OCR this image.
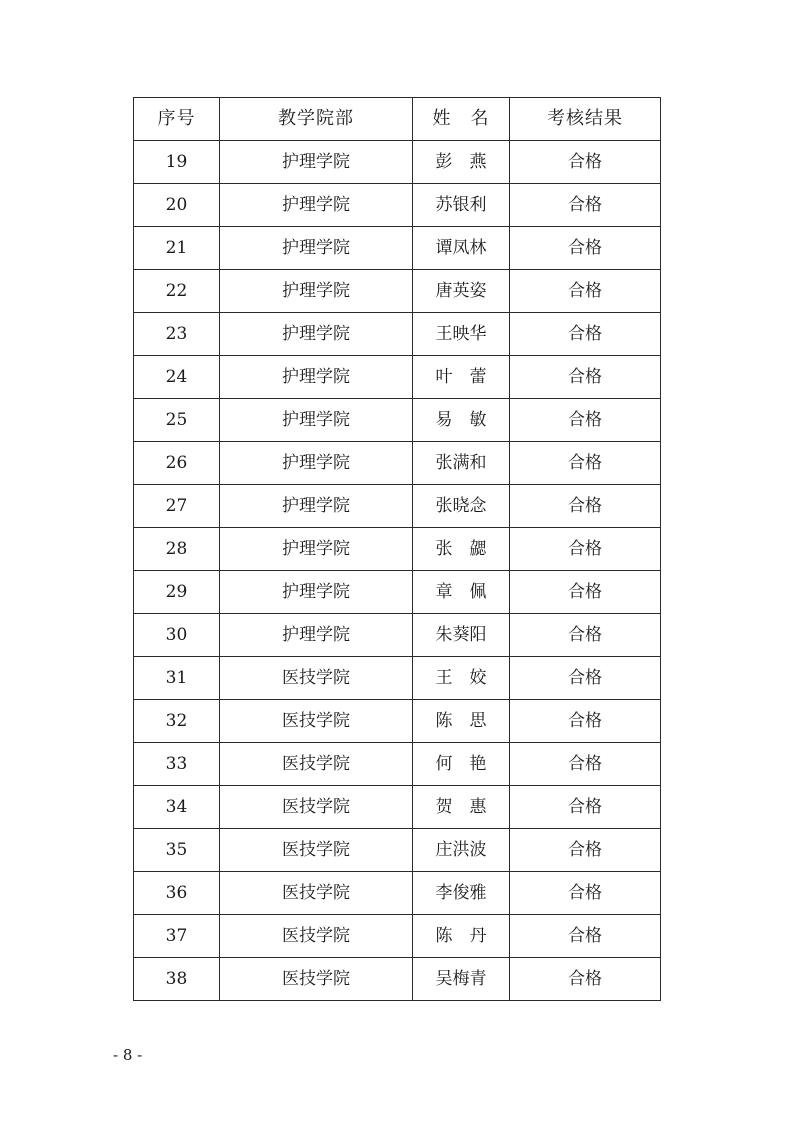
序号	教学院部	姓　名	考核结果
19	护理学院	彭　燕	合格
20	护理学院	苏银利	合格
21	护理学院	谭凤林	合格
22	护理学院	唐英姿	合格
23	护理学院	王映华	合格
24	护理学院	叶　蕾	合格
25	护理学院	易　敏	合格
26	护理学院	张满和	合格
27	护理学院	张晓念	合格
28	护理学院	张　勰	合格
29	护理学院	章　佩	合格
30	护理学院	朱葵阳	合格
31	医技学院	王　姣	合格
32	医技学院	陈　思	合格
33	医技学院	何　艳	合格
34	医技学院	贺　惠	合格
35	医技学院	庄洪波	合格
36	医技学院	李俊雅	合格
37	医技学院	陈　丹	合格
38	医技学院	吴梅青	合格
- 8 -
